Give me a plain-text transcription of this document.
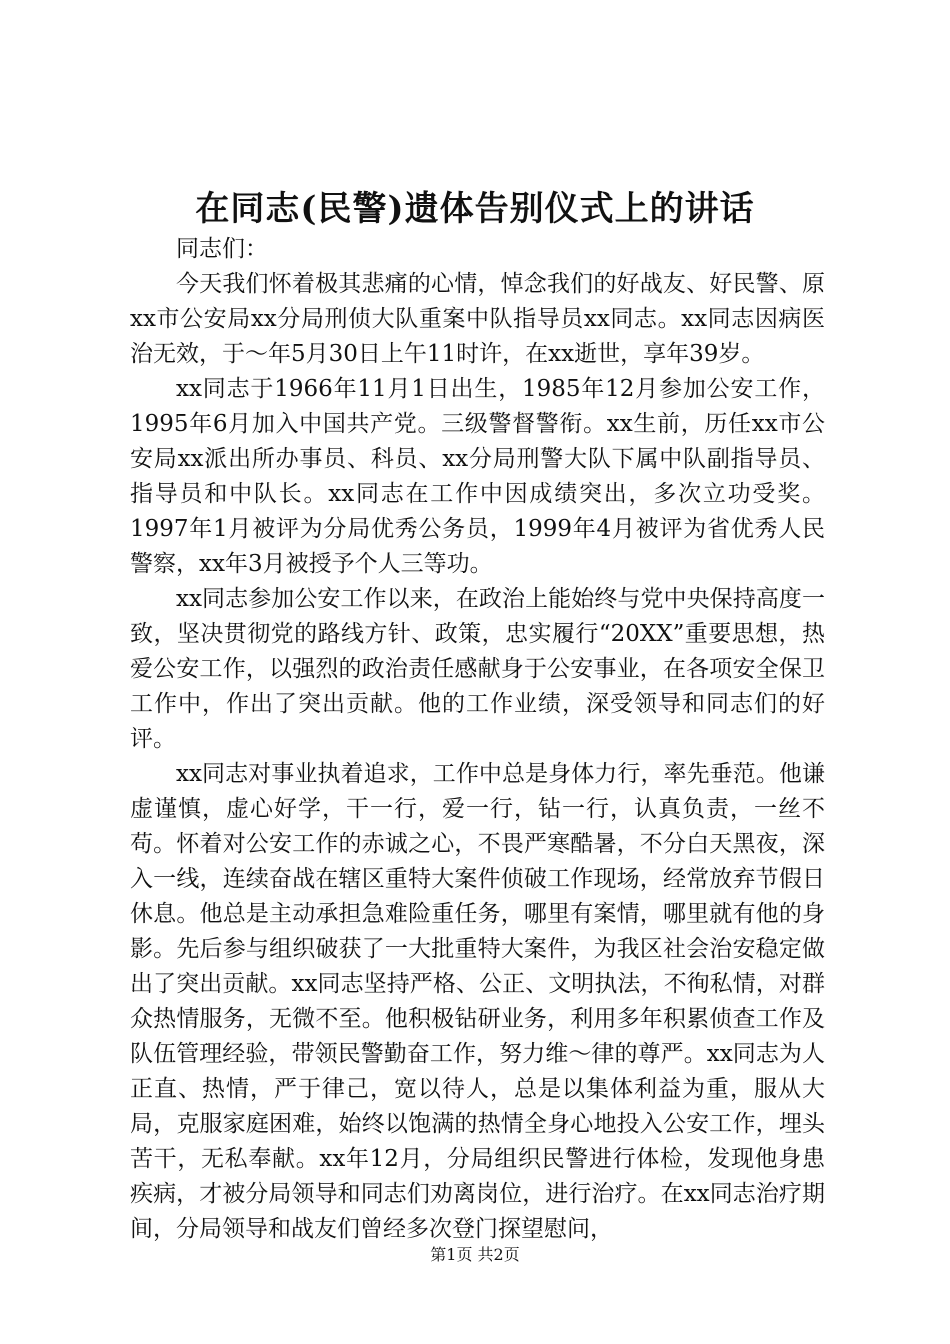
在同志(民警)遗体告别仪式上的讲话

同志们：

今天我们怀着极其悲痛的心情，悼念我们的好战友、好民警、原xx市公安局xx分局刑侦大队重案中队指导员xx同志。xx同志因病医治无效，于～年5月30日上午11时许，在xx逝世，享年39岁。

xx同志于1966年11月1日出生，1985年12月参加公安工作，1995年6月加入中国共产党。三级警督警衔。xx生前，历任xx市公安局xx派出所办事员、科员、xx分局刑警大队下属中队副指导员、指导员和中队长。xx同志在工作中因成绩突出，多次立功受奖。1997年1月被评为分局优秀公务员，1999年4月被评为省优秀人民警察，xx年3月被授予个人三等功。

xx同志参加公安工作以来，在政治上能始终与党中央保持高度一致，坚决贯彻党的路线方针、政策，忠实履行“20XX”重要思想，热爱公安工作，以强烈的政治责任感献身于公安事业，在各项安全保卫工作中，作出了突出贡献。他的工作业绩，深受领导和同志们的好评。

xx同志对事业执着追求，工作中总是身体力行，率先垂范。他谦虚谨慎，虚心好学，干一行，爱一行，钻一行，认真负责，一丝不苟。怀着对公安工作的赤诚之心，不畏严寒酷暑，不分白天黑夜，深入一线，连续奋战在辖区重特大案件侦破工作现场，经常放弃节假日休息。他总是主动承担急难险重任务，哪里有案情，哪里就有他的身影。先后参与组织破获了一大批重特大案件，为我区社会治安稳定做出了突出贡献。xx同志坚持严格、公正、文明执法，不徇私情，对群众热情服务，无微不至。他积极钻研业务，利用多年积累侦查工作及队伍管理经验，带领民警勤奋工作，努力维～律的尊严。xx同志为人正直、热情，严于律己，宽以待人，总是以集体利益为重，服从大局，克服家庭困难，始终以饱满的热情全身心地投入公安工作，埋头苦干，无私奉献。xx年12月，分局组织民警进行体检，发现他身患疾病，才被分局领导和同志们劝离岗位，进行治疗。在xx同志治疗期间，分局领导和战友们曾经多次登门探望慰问，

第1页 共2页
